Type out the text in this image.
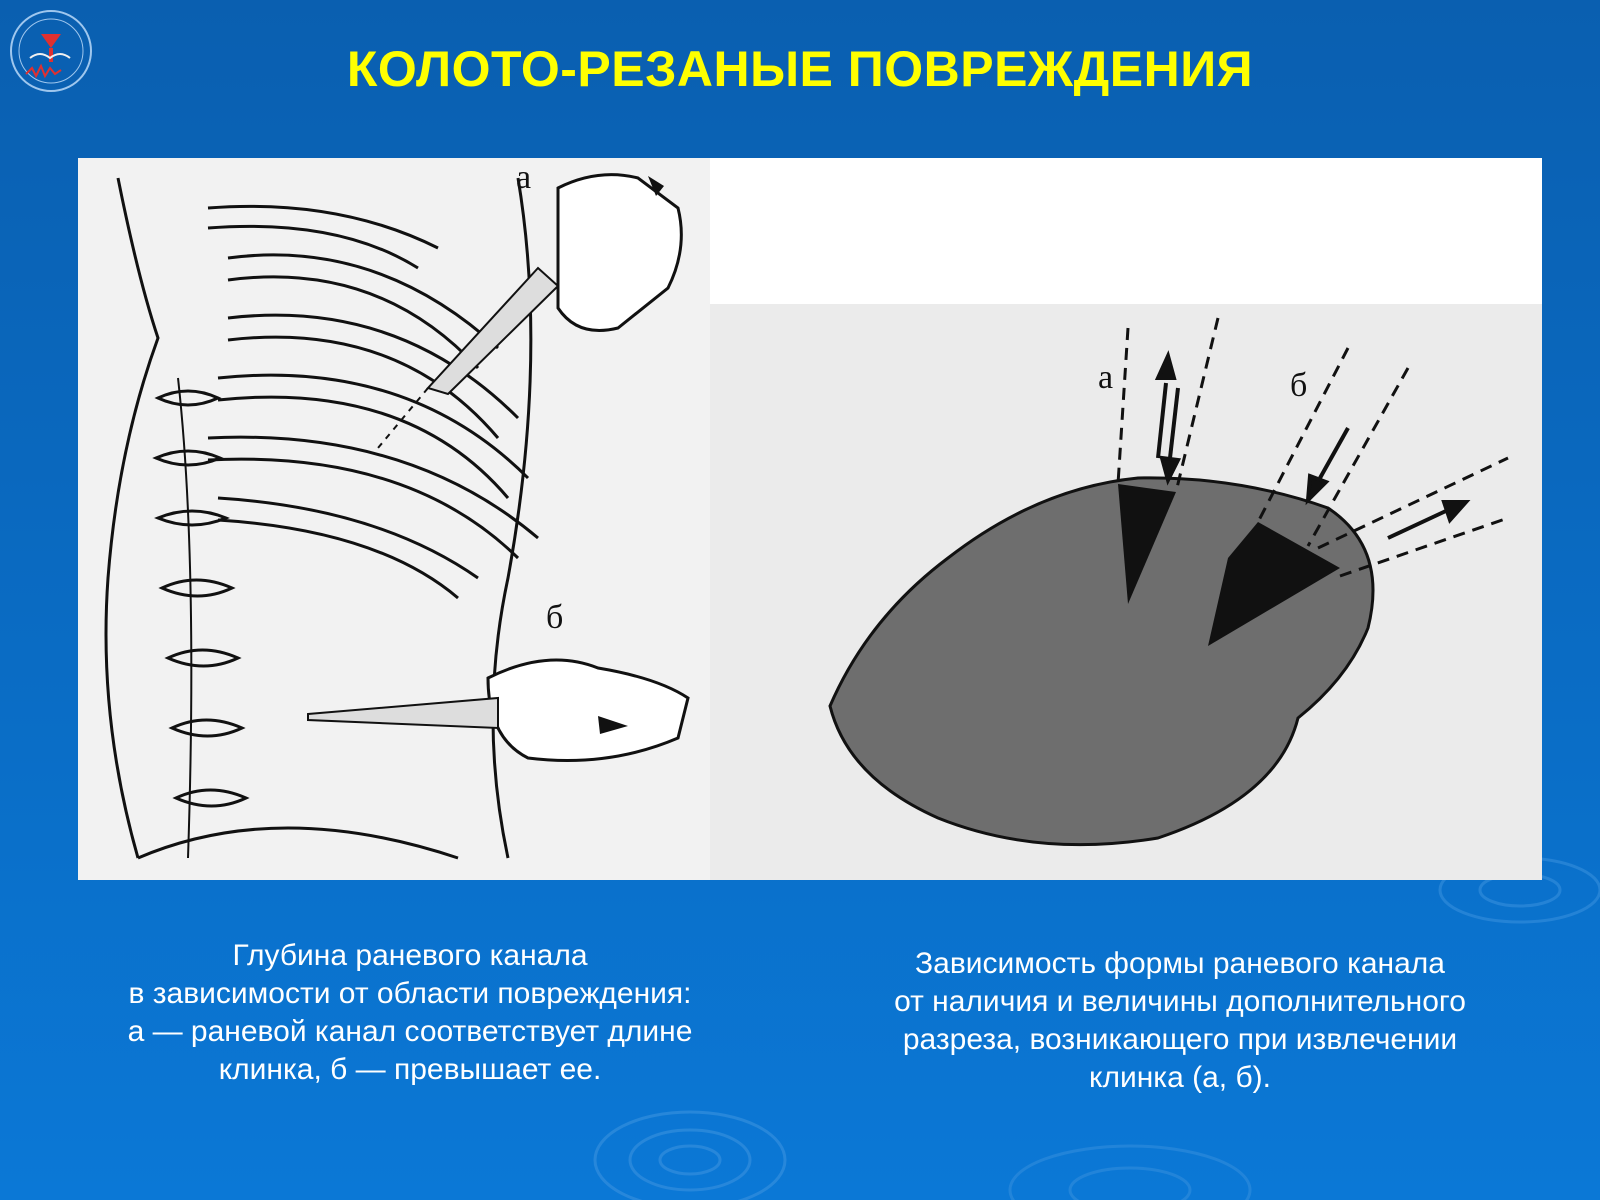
КОЛОТО-РЕЗАНЫЕ ПОВРЕЖДЕНИЯ
а
б
а	б
Глубина раневого канала
в зависимости от области повреждения:
а — раневой канал соответствует длине
клинка, б — превышает ее.
Зависимость формы раневого канала
от наличия и величины дополнительного
разреза, возникающего при извлечении
клинка (а, б).
